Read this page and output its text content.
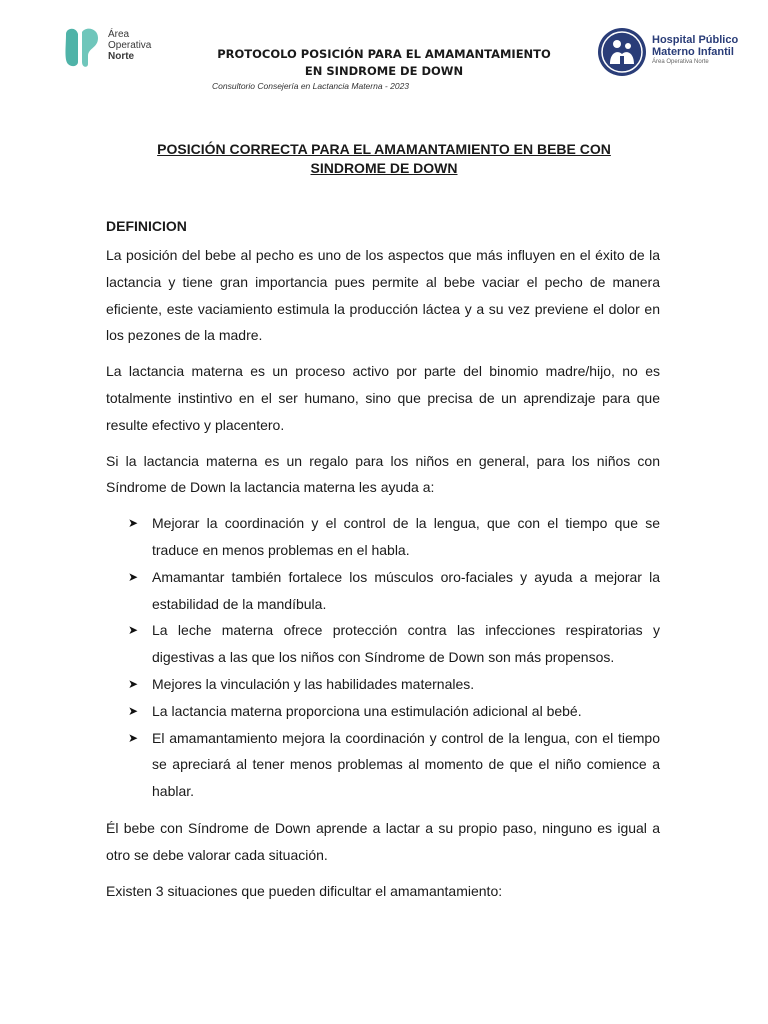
Área
Operativa
Norte	PROTOCOLO POSICIÓN PARA EL AMAMANTAMIENTO
EN SINDROME DE DOWN
Consultorio Consejería en Lactancia Materna - 2023
Hospital Público
Materno Infantil
Área Operativa Norte
POSICIÓN CORRECTA PARA EL AMAMANTAMIENTO EN BEBE CON
SINDROME DE DOWN
DEFINICION

La posición del bebe al pecho es uno de los aspectos que más influyen en el éxito de la lactancia y tiene gran importancia pues permite al bebe vaciar el pecho de manera eficiente, este vaciamiento estimula la producción láctea y a su vez previene el dolor en los pezones de la madre.

La lactancia materna es un proceso activo por parte del binomio madre/hijo, no es totalmente instintivo en el ser humano, sino que precisa de un aprendizaje para que resulte efectivo y placentero.

Si la lactancia materna es un regalo para los niños en general, para los niños con Síndrome de Down la lactancia materna les ayuda a:

➤ Mejorar la coordinación y el control de la lengua, que con el tiempo que se traduce en menos problemas en el habla.
➤ Amamantar también fortalece los músculos oro-faciales y ayuda a mejorar la estabilidad de la mandíbula.
➤ La leche materna ofrece protección contra las infecciones respiratorias y digestivas a las que los niños con Síndrome de Down son más propensos.
➤ Mejores la vinculación y las habilidades maternales.
➤ La lactancia materna proporciona una estimulación adicional al bebé.
➤ El amamantamiento mejora la coordinación y control de la lengua, con el tiempo se apreciará al tener menos problemas al momento de que el niño comience a hablar.

Él bebe con Síndrome de Down aprende a lactar a su propio paso, ninguno es igual a otro se debe valorar cada situación.

Existen 3 situaciones que pueden dificultar el amamantamiento:
